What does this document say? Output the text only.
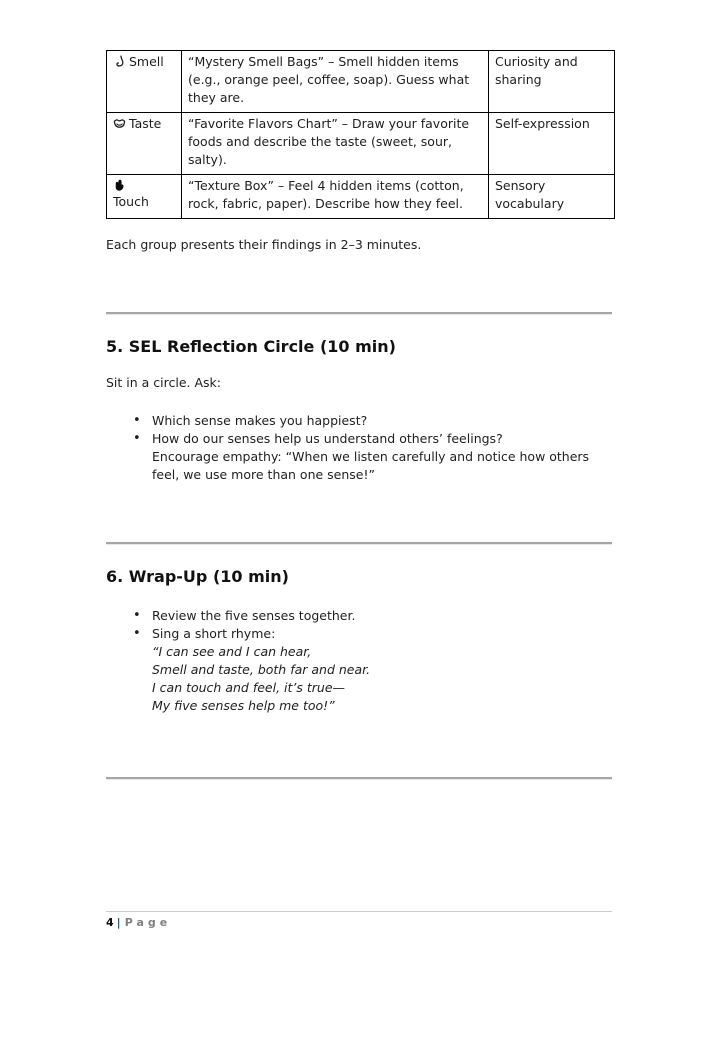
Smell	“Mystery Smell Bags” – Smell hidden items (e.g., orange peel, coffee, soap). Guess what they are.	Curiosity and sharing
Taste	“Favorite Flavors Chart” – Draw your favorite foods and describe the taste (sweet, sour, salty).	Self-expression

Touch	“Texture Box” – Feel 4 hidden items (cotton, rock, fabric, paper). Describe how they feel.	Sensory vocabulary

Each group presents their findings in 2–3 minutes.

5. SEL Reflection Circle (10 min)

Sit in a circle. Ask:

• Which sense makes you happiest?
• How do our senses help us understand others’ feelings?
Encourage empathy: “When we listen carefully and notice how others feel, we use more than one sense!”
6. Wrap-Up (10 min)
• Review the five senses together.
• Sing a short rhyme:
“I can see and I can hear,
Smell and taste, both far and near.
I can touch and feel, it’s true—
My five senses help me too!”
4 | Page
